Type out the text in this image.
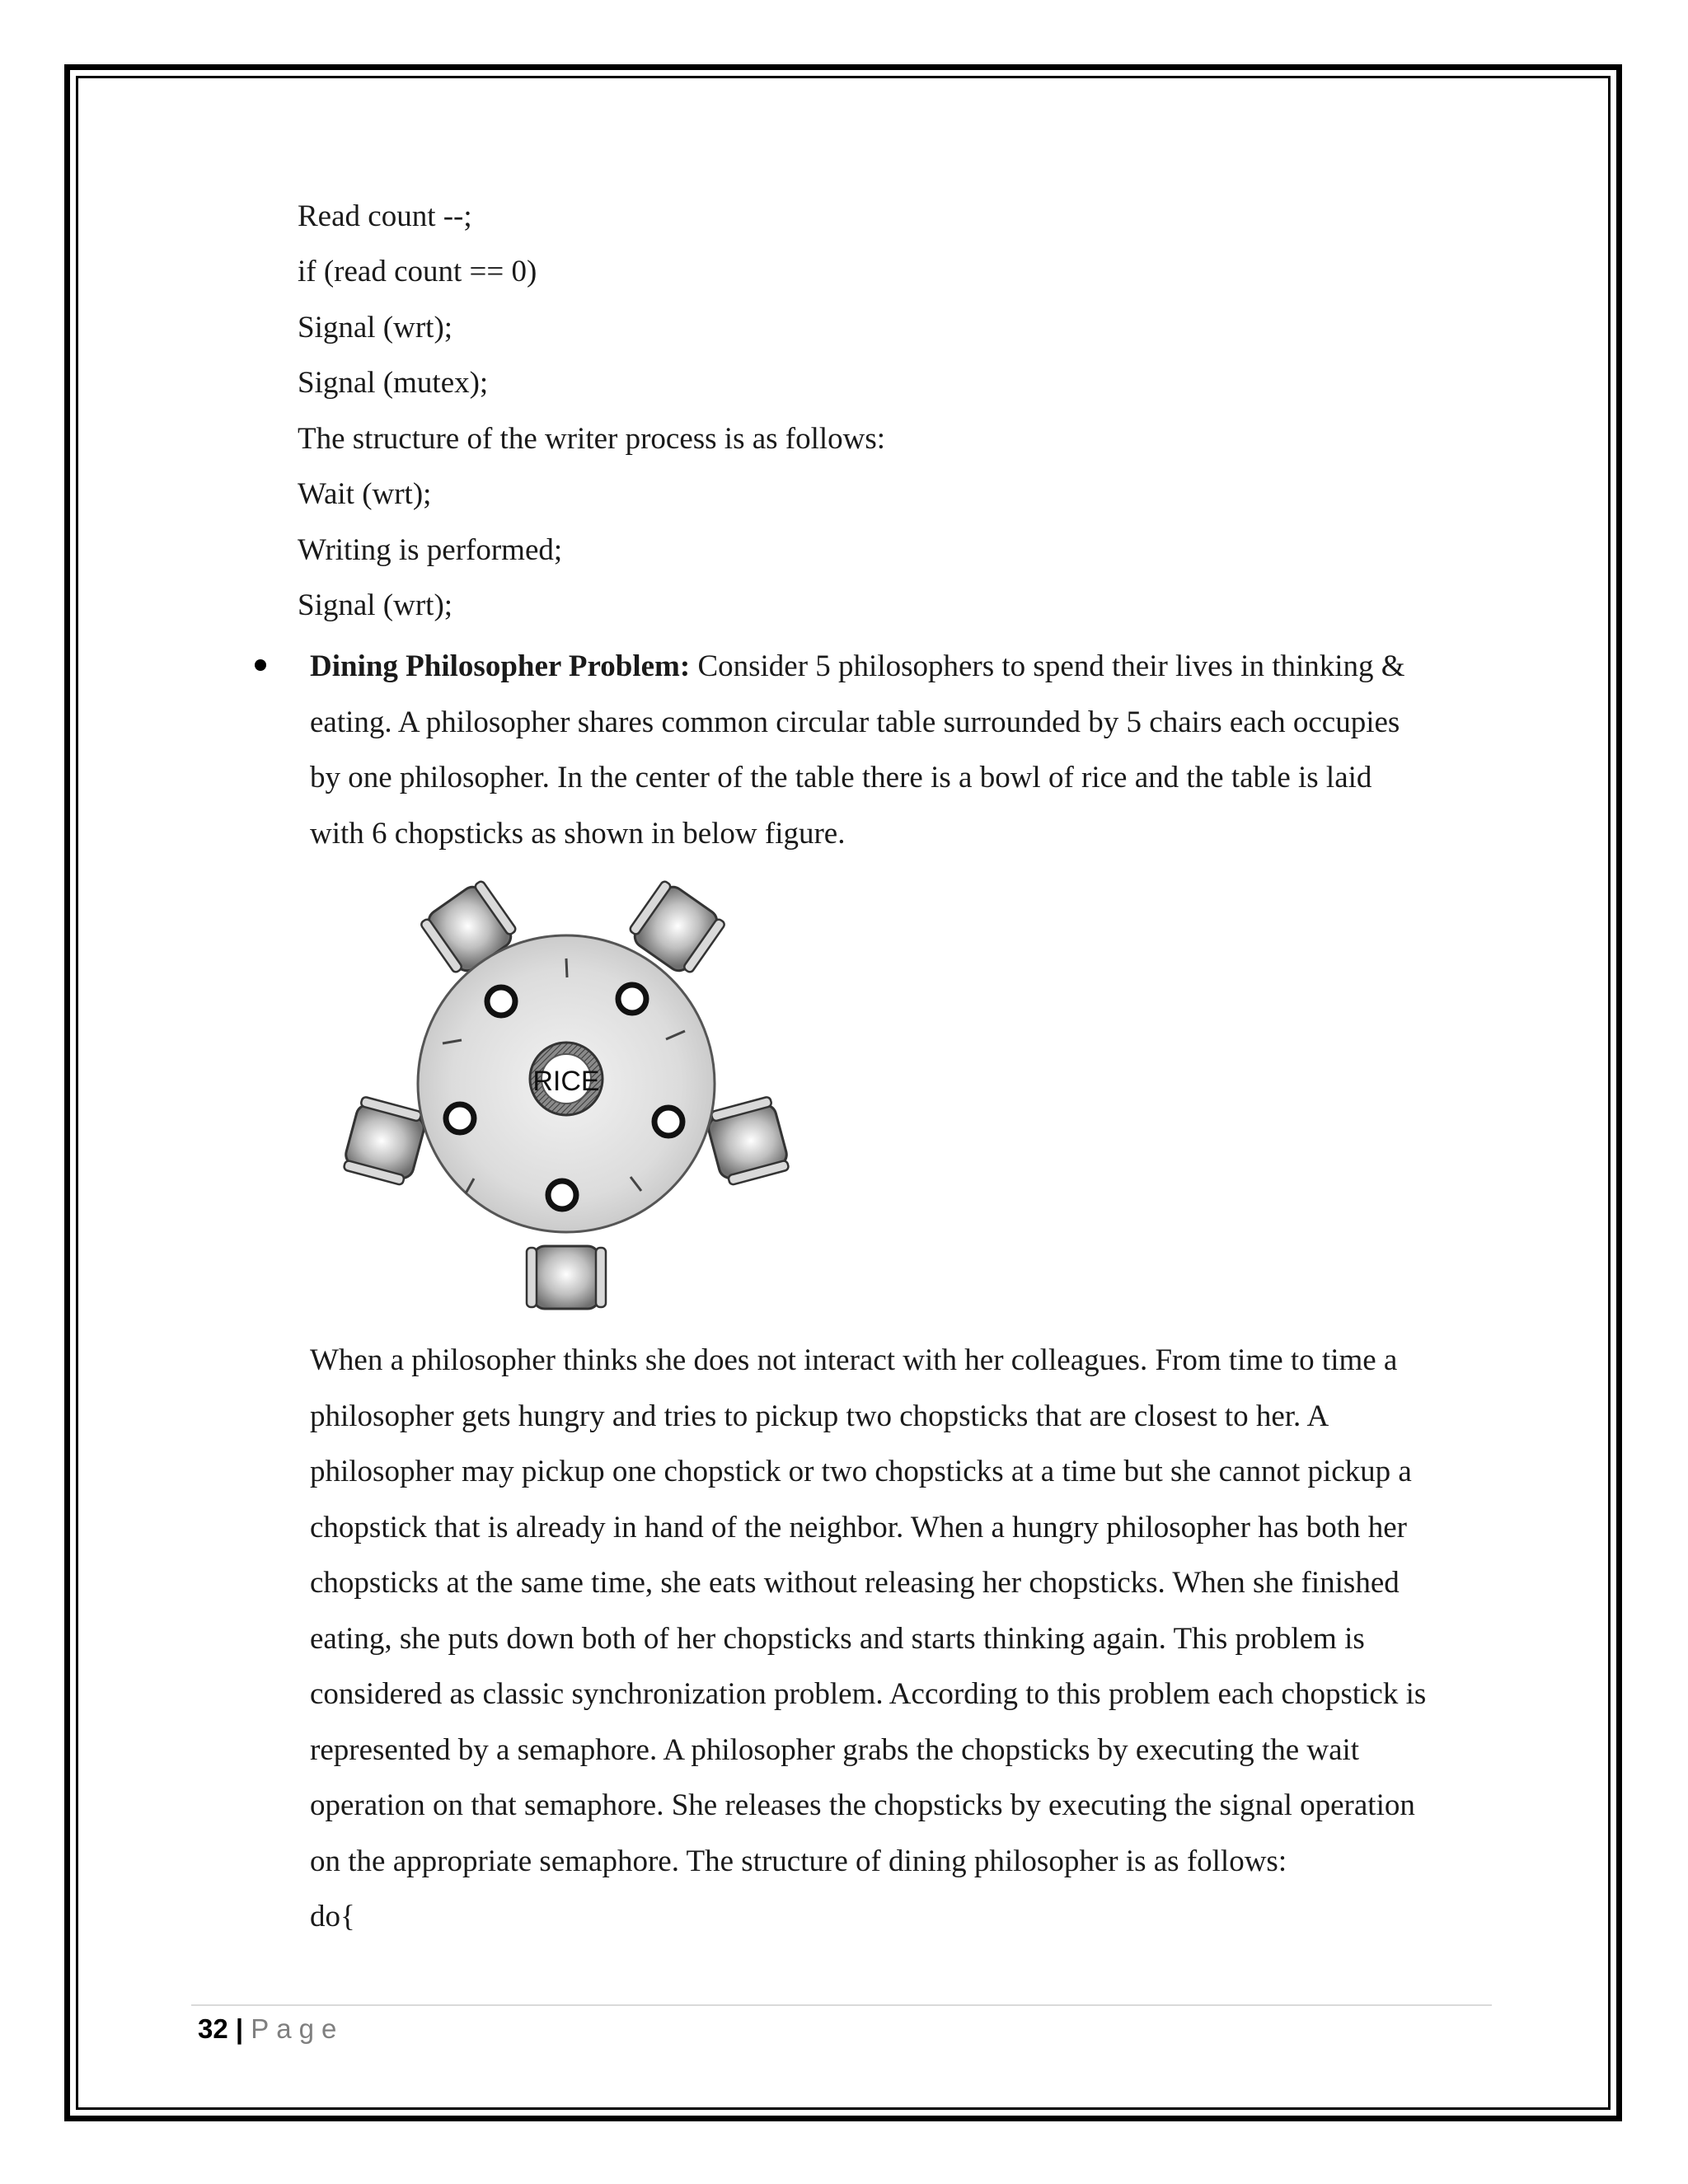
Read count --;
if (read count == 0)
Signal (wrt);
Signal (mutex);
The structure of the writer process is as follows:
Wait (wrt);
Writing is performed;
Signal (wrt);
Dining Philosopher Problem: Consider 5 philosophers to spend their lives in thinking &
eating. A philosopher shares common circular table surrounded by 5 chairs each occupies
by one philosopher. In the center of the table there is a bowl of rice and the table is laid
with 6 chopsticks as shown in below figure.
RICE
When a philosopher thinks she does not interact with her colleagues. From time to time a
philosopher gets hungry and tries to pickup two chopsticks that are closest to her. A
philosopher may pickup one chopstick or two chopsticks at a time but she cannot pickup a
chopstick that is already in hand of the neighbor. When a hungry philosopher has both her
chopsticks at the same time, she eats without releasing her chopsticks. When she finished
eating, she puts down both of her chopsticks and starts thinking again. This problem is
considered as classic synchronization problem. According to this problem each chopstick is
represented by a semaphore. A philosopher grabs the chopsticks by executing the wait
operation on that semaphore. She releases the chopsticks by executing the signal operation
on the appropriate semaphore. The structure of dining philosopher is as follows:
do{
32 | Page
